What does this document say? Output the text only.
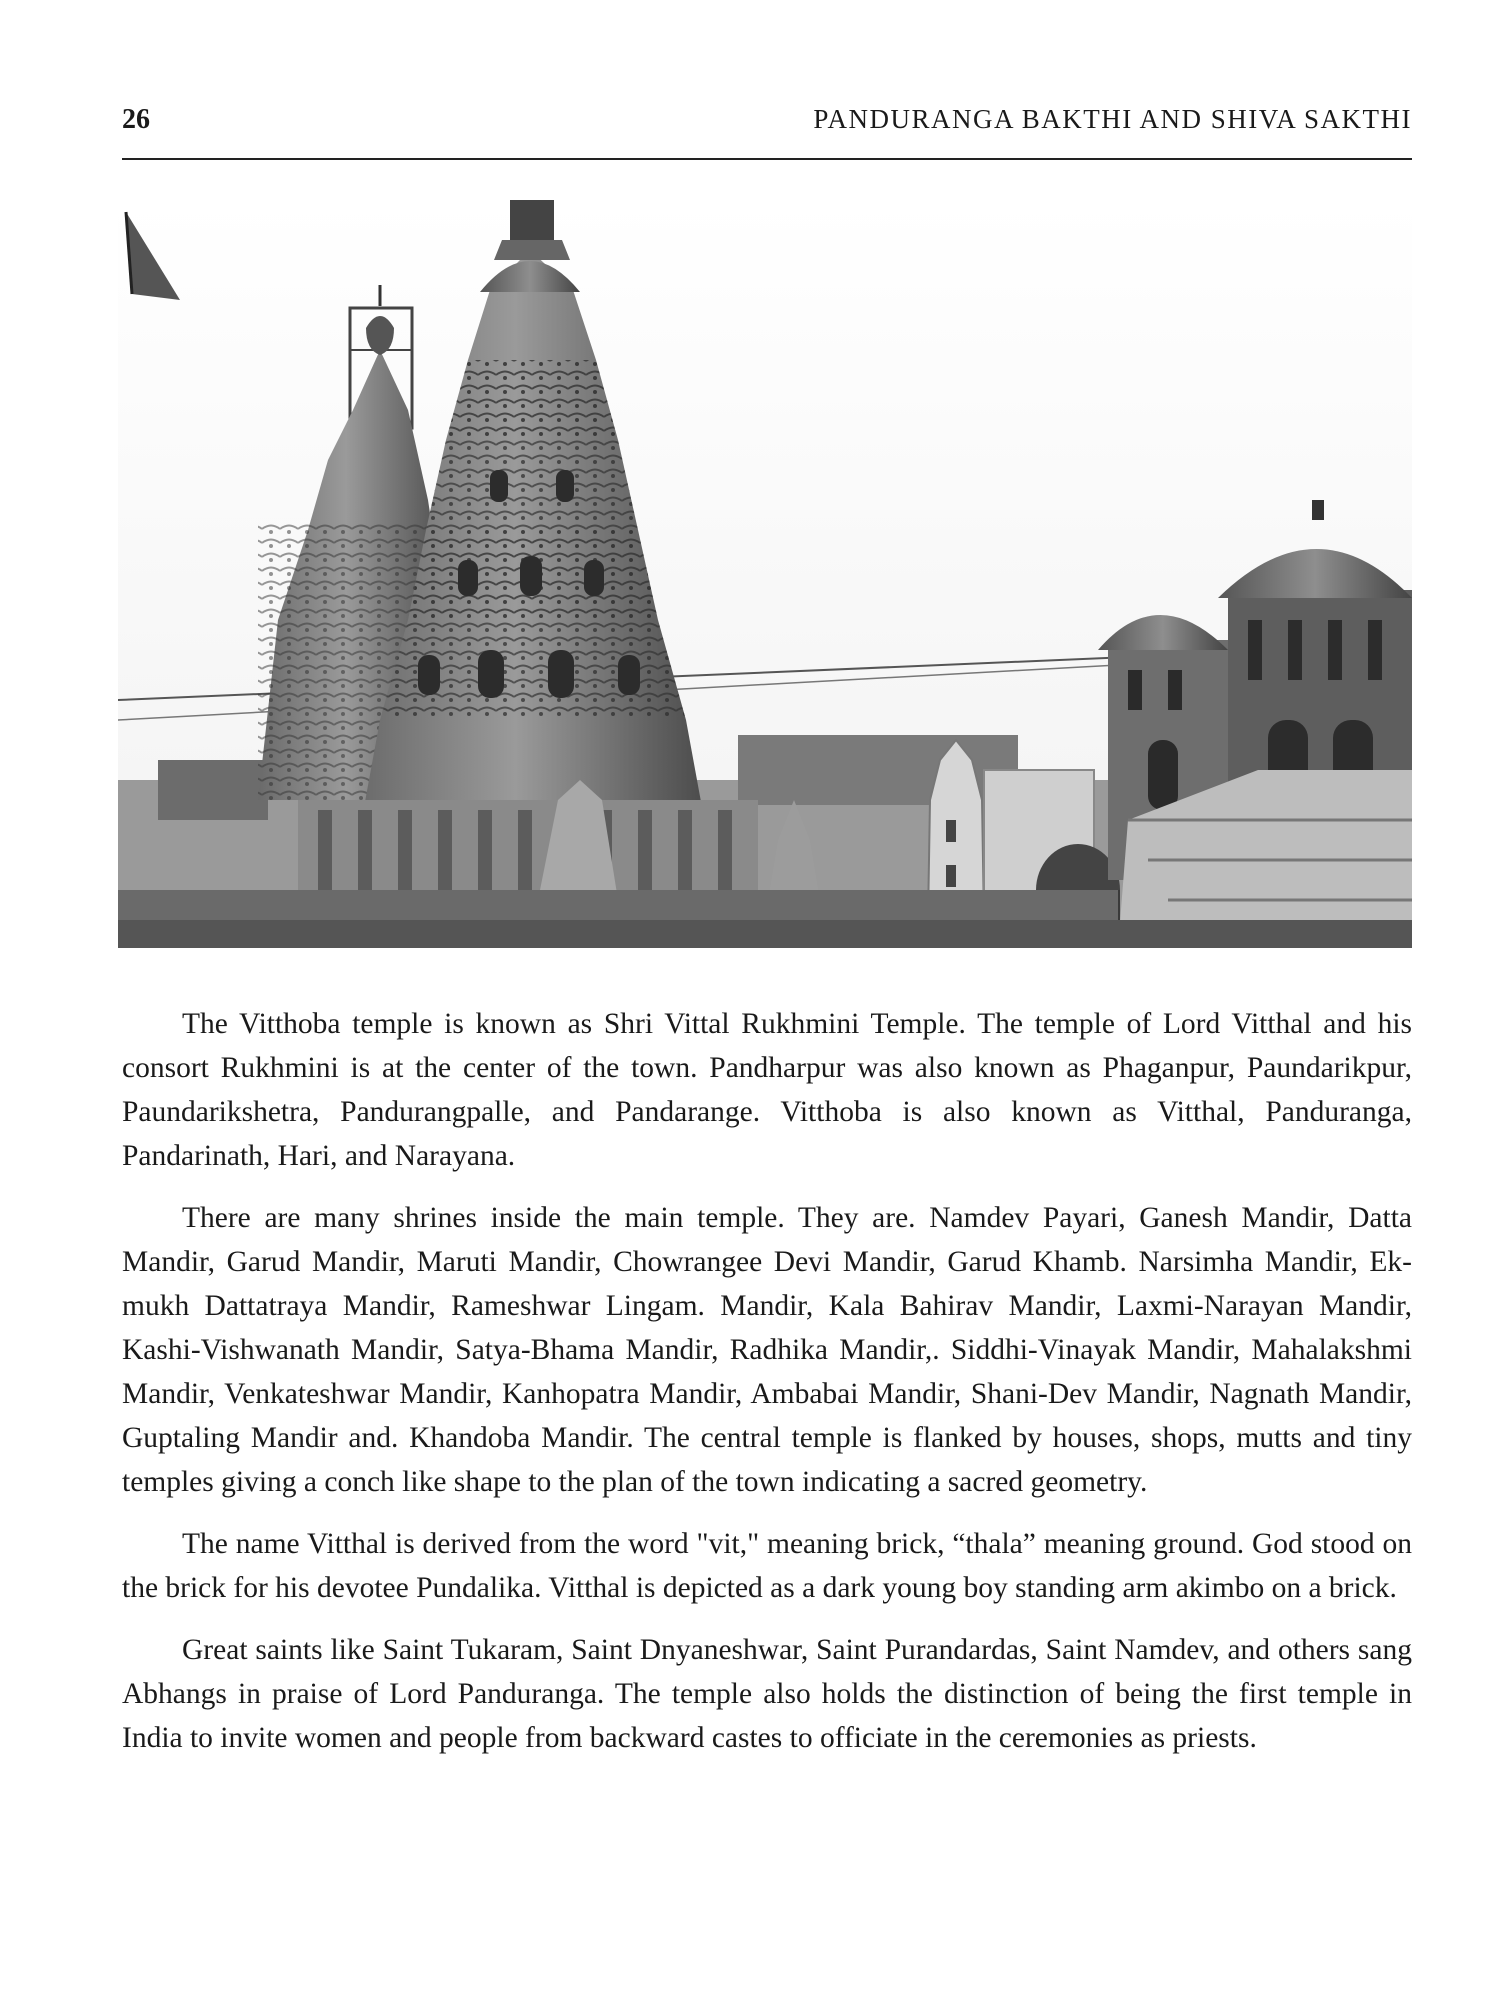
26	PANDURANGA BAKTHI AND SHIVA SAKTHI

The Vitthoba temple is known as Shri Vittal Rukhmini Temple. The temple of Lord Vitthal and his consort Rukhmini is at the center of the town. Pandharpur was also known as Phaganpur, Paundarikpur, Paundarikshetra, Pandurangpalle, and Pandarange. Vitthoba is also known as Vitthal, Panduranga, Pandarinath, Hari, and Narayana.

There are many shrines inside the main temple. They are. Namdev Payari, Ganesh Mandir, Datta Mandir, Garud Mandir, Maruti Mandir, Chowrangee Devi Mandir, Garud Khamb. Narsimha Mandir, Ek-mukh Dattatraya Mandir, Rameshwar Lingam. Mandir, Kala Bahirav Mandir, Laxmi-Narayan Mandir, Kashi-Vishwanath Mandir, Satya-Bhama Mandir, Radhika Mandir,. Siddhi-Vinayak Mandir, Mahalakshmi Mandir, Venkateshwar Mandir, Kanhopatra Mandir, Ambabai Mandir, Shani-Dev Mandir, Nagnath Mandir, Guptaling Mandir and. Khandoba Mandir. The central temple is flanked by houses, shops, mutts and tiny temples giving a conch like shape to the plan of the town indicating a sacred geometry.

The name Vitthal is derived from the word "vit," meaning brick, “thala” meaning ground. God stood on the brick for his devotee Pundalika. Vitthal is depicted as a dark young boy standing arm akimbo on a brick.

Great saints like Saint Tukaram, Saint Dnyaneshwar, Saint Purandardas, Saint Namdev, and others sang Abhangs in praise of Lord Panduranga. The temple also holds the distinction of being the first temple in India to invite women and people from backward castes to officiate in the ceremonies as priests.
